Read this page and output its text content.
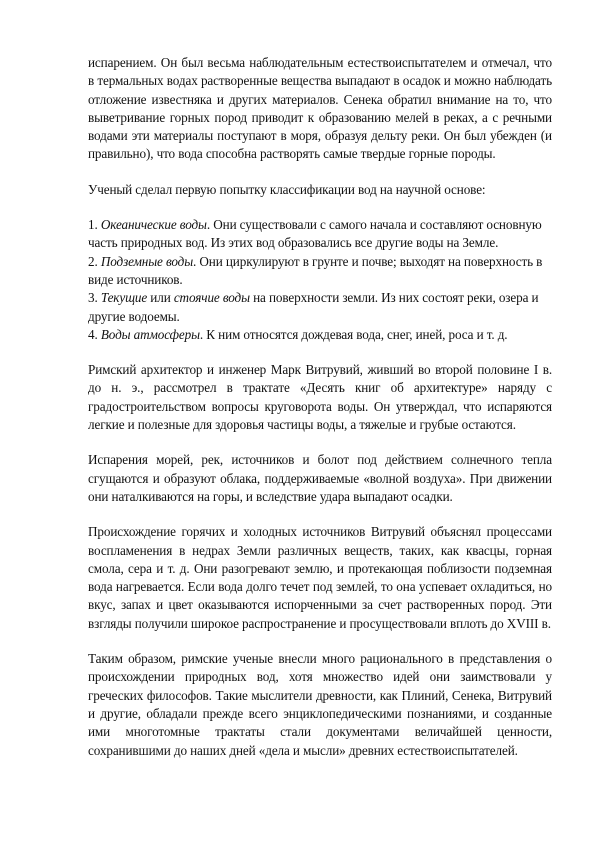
испарением. Он был весьма наблюдательным естествоиспытателем и отмечал, что в термальных водах растворенные вещества выпадают в осадок и можно наблюдать отложение известняка и других материалов. Сенека обратил внимание на то, что выветривание горных пород приводит к образованию мелей в реках, а с речными водами эти материалы поступают в моря, образуя дельту реки. Он был убежден (и правильно), что вода способна растворять самые твердые горные породы.

Ученый сделал первую попытку классификации вод на научной основе:

1. Океанические воды. Они существовали с самого начала и составляют основную часть природных вод. Из этих вод образовались все другие воды на Земле.

2. Подземные воды. Они циркулируют в грунте и почве; выходят на поверхность в виде источников.

3. Текущие или стоячие воды на поверхности земли. Из них состоят реки, озера и другие водоемы.

4. Воды атмосферы. К ним относятся дождевая вода, снег, иней, роса и т. д.

Римский архитектор и инженер Марк Витрувий, живший во второй половине I в. до н. э., рассмотрел в трактате «Десять книг об архитектуре» наряду с градостроительством вопросы круговорота воды. Он утверждал, что испаряются легкие и полезные для здоровья частицы воды, а тяжелые и грубые остаются.

Испарения морей, рек, источников и болот под действием солнечного тепла сгущаются и образуют облака, поддерживаемые «волной воздуха». При движении они наталкиваются на горы, и вследствие удара выпадают осадки.

Происхождение горячих и холодных источников Витрувий объяснял процессами воспламенения в недрах Земли различных веществ, таких, как квасцы, горная смола, сера и т. д. Они разогревают землю, и протекающая поблизости подземная вода нагревается. Если вода долго течет под землей, то она успевает охладиться, но вкус, запах и цвет оказываются испорченными за счет растворенных пород. Эти взгляды получили широкое распространение и просуществовали вплоть до XVIII в.

Таким образом, римские ученые внесли много рационального в представления о происхождении природных вод, хотя множество идей они заимствовали у греческих философов. Такие мыслители древности, как Плиний, Сенека, Витрувий и другие, обладали прежде всего энциклопедическими познаниями, и созданные ими многотомные трактаты стали документами величайшей ценности, сохранившими до наших дней «дела и мысли» древних естествоиспытателей.
